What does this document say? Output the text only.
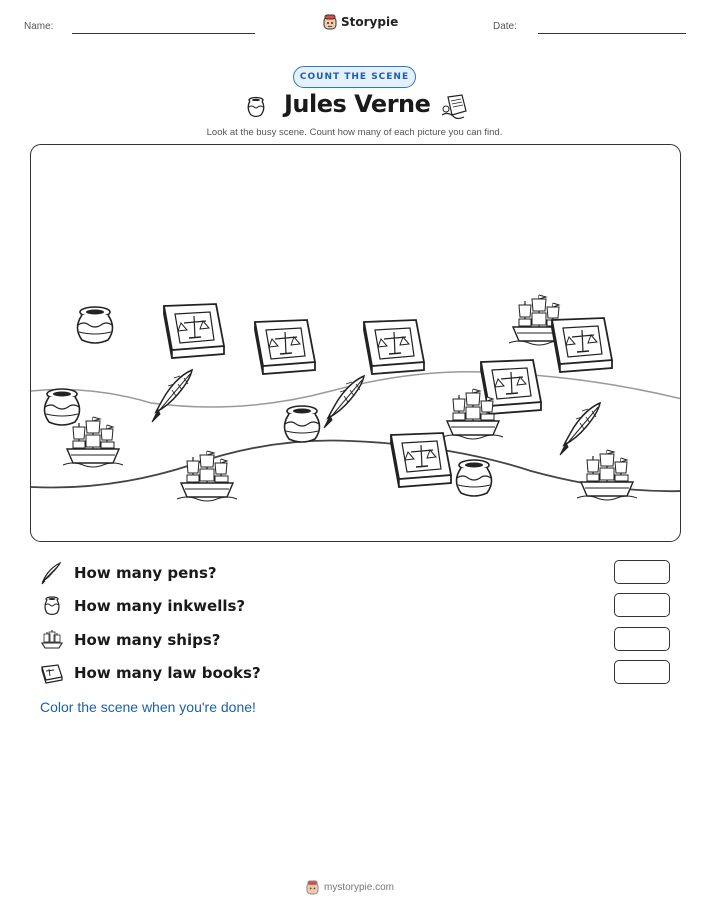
Name:	Storypie	Date:
COUNT THE SCENE
Jules Verne
Look at the busy scene. Count how many of each picture you can find.
How many pens?
How many inkwells?
How many ships?
How many law books?
Color the scene when you're done!
mystorypie.com
